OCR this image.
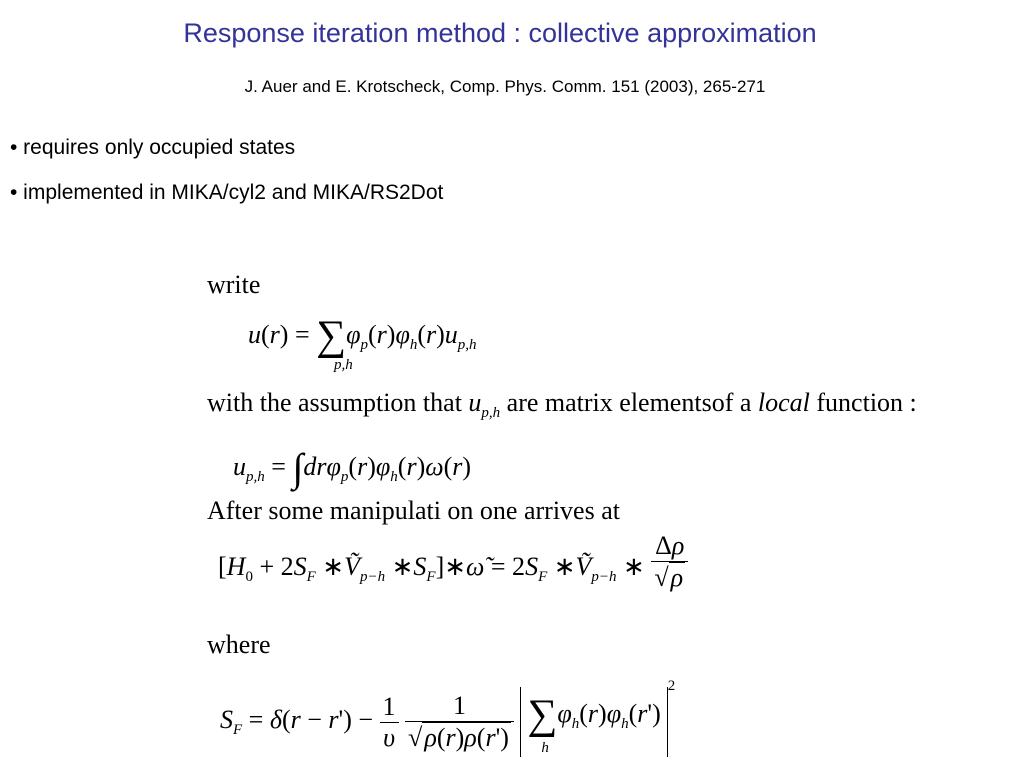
Response iteration method : collective approximation
J. Auer and E. Krotscheck, Comp. Phys. Comm. 151 (2003), 265-271
• requires only occupied states
• implemented in MIKA/cyl2 and MIKA/RS2Dot
write
$u(r) = \sum\varphi_p(r)\varphi_h(r)u_{p,h}$
p,h
with the assumption that $u_{p,h}$ are matrix elementsof a local function :
$u_{p,h} = \int dr\varphi_p(r)\varphi_h(r)\omega(r)$
After some manipulati on one arrives at
[$H_0 + 2S_F$ ∗Ṽ$_{p-h}$ $∗S_F]∗\omegã = 2S_F$ ∗Ṽ$_{p-h}$ ∗ $\frac{\Delta\rho}{√\rho}$
where
$S_F = \delta(r - r') - \frac{1}{\upsilon}$
$\frac{1}{√\rho(r)\rho(r')} \sum\varphi_h(r)\varphi_h(r')$
h
$^2$
